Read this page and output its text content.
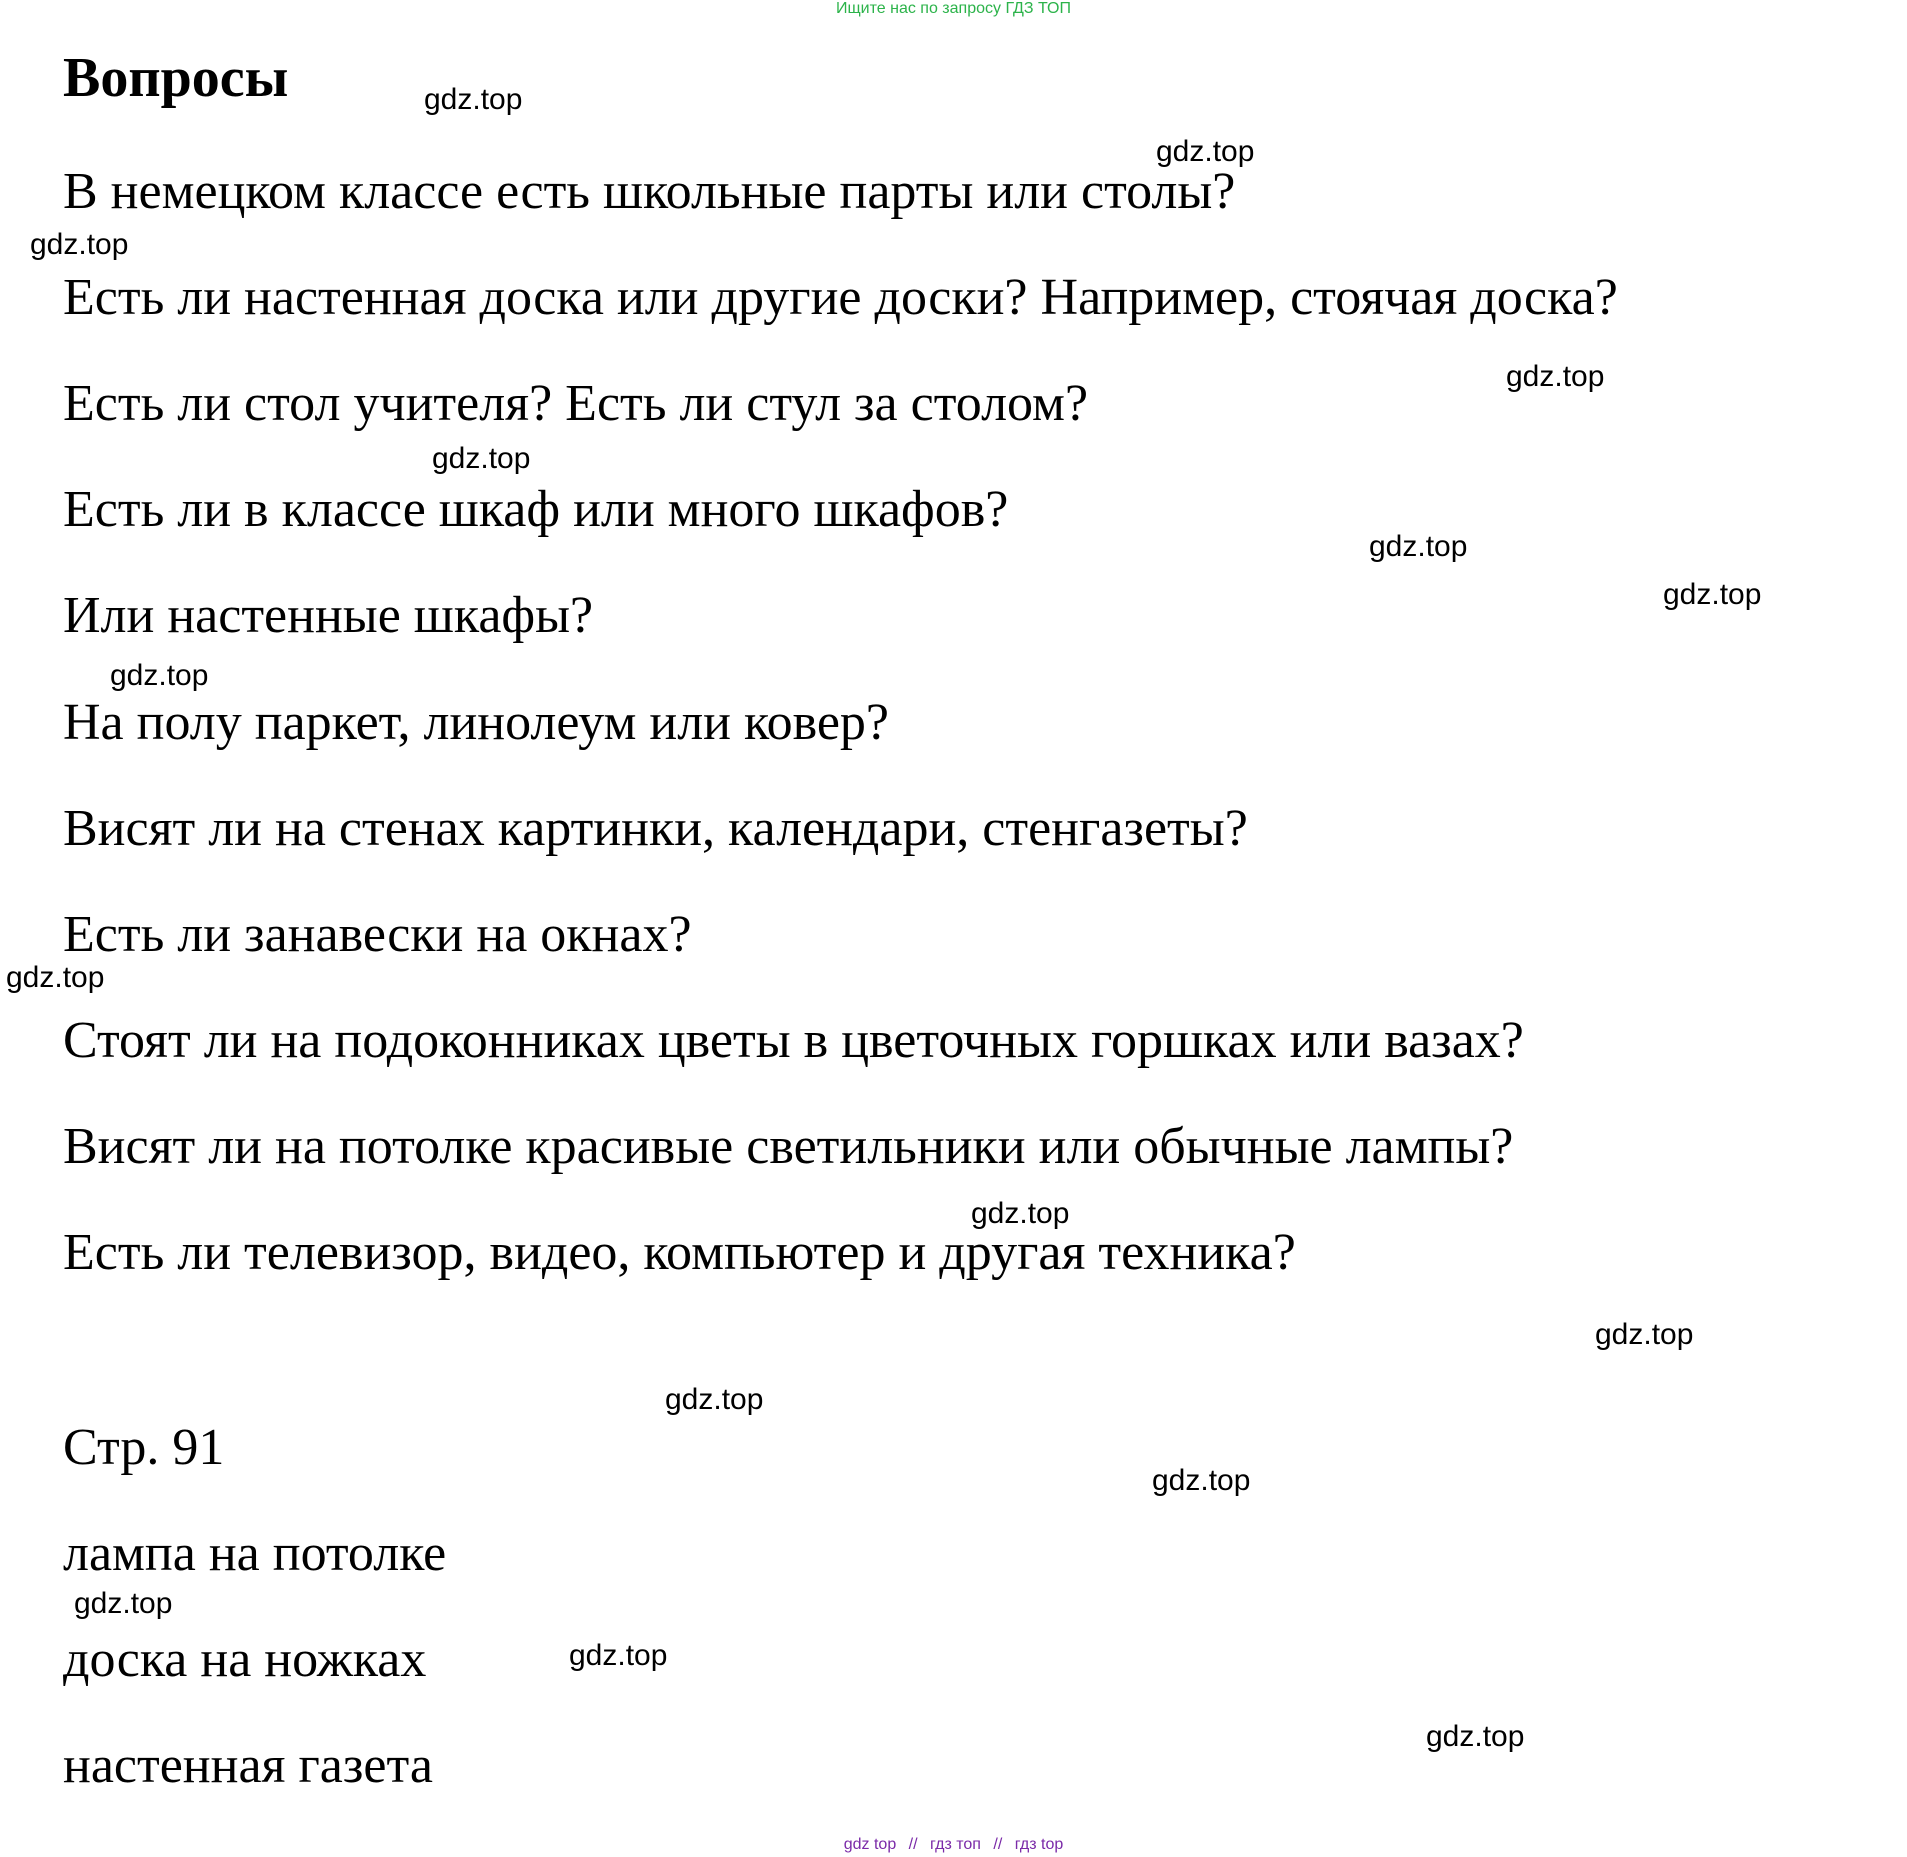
Ищите нас по запросу ГДЗ ТОП
Вопросы
В немецком классе есть школьные парты или столы?
Есть ли настенная доска или другие доски? Например, стоячая доска?
Есть ли стол учителя? Есть ли стул за столом?
Есть ли в классе шкаф или много шкафов?
Или настенные шкафы?
На полу паркет, линолеум или ковер?
Висят ли на стенах картинки, календари, стенгазеты?
Есть ли занавески на окнах?
Стоят ли на подоконниках цветы в цветочных горшках или вазах?
Висят ли на потолке красивые светильники или обычные лампы?
Есть ли телевизор, видео, компьютер и другая техника?
Стр. 91
лампа на потолке
доска на ножках
настенная газета
gdz.top
gdz.top
gdz.top
gdz.top
gdz.top
gdz.top
gdz.top
gdz.top
gdz.top
gdz.top
gdz.top
gdz.top
gdz.top
gdz.top
gdz.top
gdz.top
gdz top // гдз топ // гдз top
